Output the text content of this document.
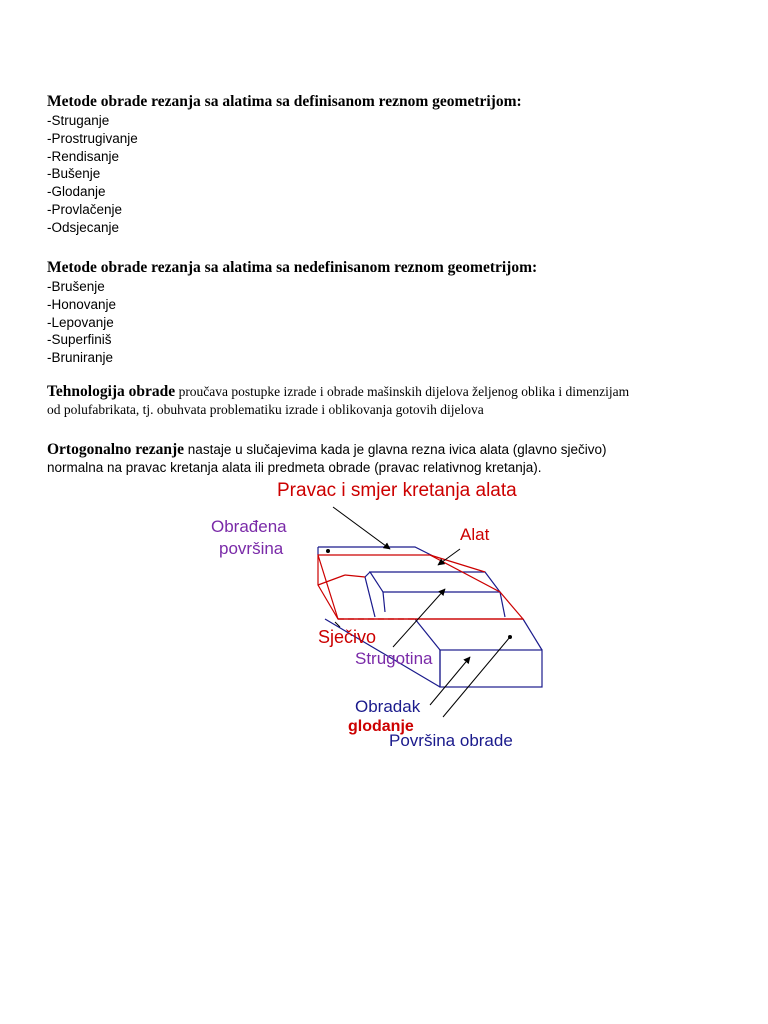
Metode obrade rezanja sa alatima sa definisanom reznom geometrijom:

-Struganje
-Prostrugivanje
-Rendisanje
-Bušenje
-Glodanje
-Provlačenje
-Odsjecanje

Metode obrade rezanja sa alatima sa nedefinisanom reznom geometrijom:

-Brušenje
-Honovanje
-Lepovanje
-Superfiniš
-Bruniranje

Tehnologija obrade proučava postupke izrade i obrade mašinskih dijelova željenog oblika i dimenzijam
od polufabrikata, tj. obuhvata problematiku izrade i oblikovanja gotovih dijelova

Ortogonalno rezanje nastaje u slučajevima kada je glavna rezna ivica alata (glavno sječivo)
normalna na pravac kretanja alata ili predmeta obrade (pravac relativnog kretanja).

Pravac i smjer kretanja alata
Obrađena
površina
Alat
Sječivo
Strugotina
Obradak
glodanje
Površina obrade
